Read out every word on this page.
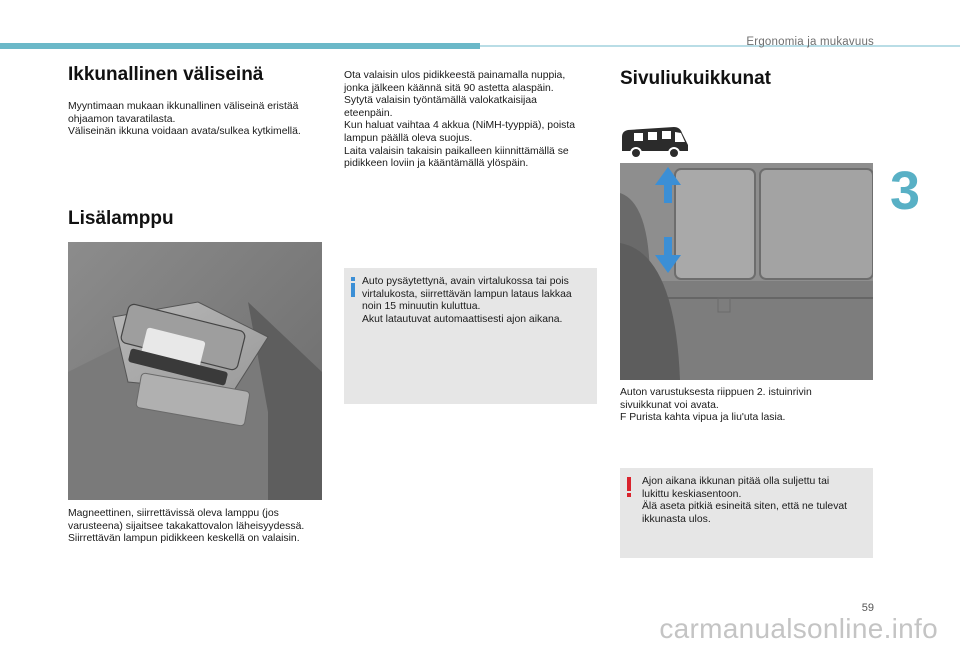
Ergonomia ja mukavuus
3
Ikkunallinen väliseinä
Myyntimaan mukaan ikkunallinen väliseinä eristää
ohjaamon tavaratilasta.
Väliseinän ikkuna voidaan avata/sulkea kytkimellä.
Lisälamppu
Magneettinen, siirrettävissä oleva lamppu (jos
varusteena) sijaitsee takakattovalon läheisyydessä.
Siirrettävän lampun pidikkeen keskellä on valaisin.
Ota valaisin ulos pidikkeestä painamalla nuppia,
jonka jälkeen käännä sitä 90 astetta alaspäin.
Sytytä valaisin työntämällä valokatkaisijaa
eteenpäin.
Kun haluat vaihtaa 4 akkua (NiMH-tyyppiä), poista
lampun päällä oleva suojus.
Laita valaisin takaisin paikalleen kiinnittämällä se
pidikkeen loviin ja kääntämällä ylöspäin.
Auto pysäytettynä, avain virtalukossa tai pois
virtalukosta, siirrettävän lampun lataus lakkaa
noin 15 minuutin kuluttua.
Akut latautuvat automaattisesti ajon aikana.
Sivuliukuikkunat
Auton varustuksesta riippuen 2. istuinrivin
sivuikkunat voi avata.
F Purista kahta vipua ja liu'uta lasia.
Ajon aikana ikkunan pitää olla suljettu tai
lukittu keskiasentoon.
Älä aseta pitkiä esineitä siten, että ne tulevat
ikkunasta ulos.
59
carmanualsonline.info
